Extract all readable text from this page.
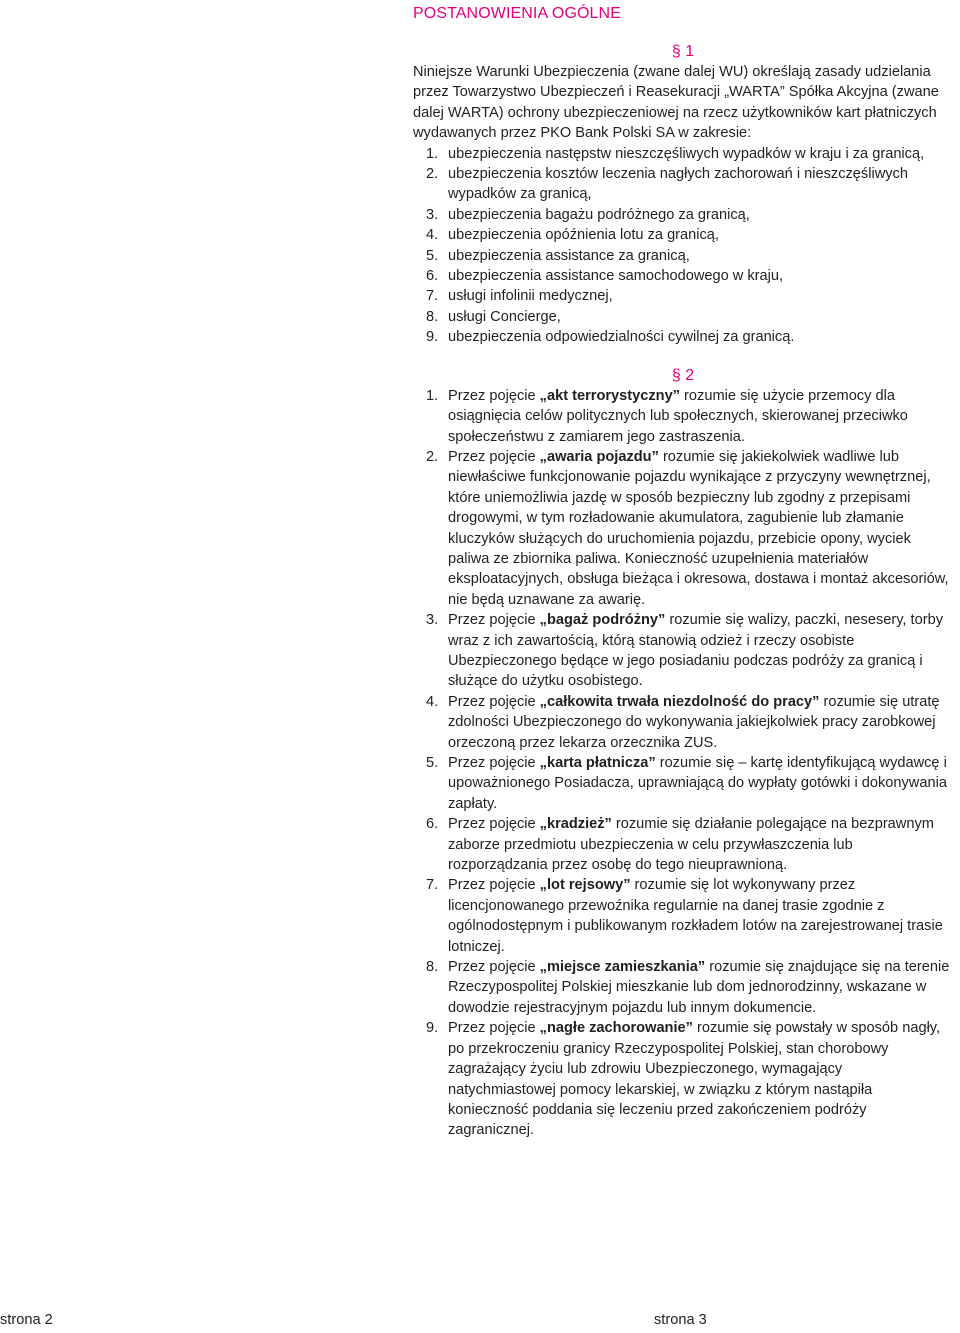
POSTANOWIENIA OGÓLNE

§ 1

Niniejsze Warunki Ubezpieczenia (zwane dalej WU) określają zasady udzielania przez Towarzystwo Ubezpieczeń i Reasekuracji „WARTA” Spółka Akcyjna (zwane dalej WARTA) ochrony ubezpieczeniowej na rzecz użytkowników kart płatniczych wydawanych przez PKO Bank Polski SA w zakresie:

1. ubezpieczenia następstw nieszczęśliwych wypadków w kraju i za granicą,
2. ubezpieczenia kosztów leczenia nagłych zachorowań i nieszczęśliwych wypadków za granicą,
3. ubezpieczenia bagażu podróżnego za granicą,
4. ubezpieczenia opóźnienia lotu za granicą,
5. ubezpieczenia assistance za granicą,
6. ubezpieczenia assistance samochodowego w kraju,
7. usługi infolinii medycznej,
8. usługi Concierge,
9. ubezpieczenia odpowiedzialności cywilnej za granicą.

§ 2

1. Przez pojęcie „akt terrorystyczny” rozumie się użycie przemocy dla osiągnięcia celów politycznych lub społecznych, skierowanej przeciwko społeczeństwu z zamiarem jego zastraszenia.
2. Przez pojęcie „awaria pojazdu” rozumie się jakiekolwiek wadliwe lub niewłaściwe funkcjonowanie pojazdu wynikające z przyczyny wewnętrznej, które uniemożliwia jazdę w sposób bezpieczny lub zgodny z przepisami drogowymi, w tym rozładowanie akumulatora, zagubienie lub złamanie kluczyków służących do uruchomienia pojazdu, przebicie opony, wyciek paliwa ze zbiornika paliwa. Konieczność uzupełnienia materiałów eksploatacyjnych, obsługa bieżąca i okresowa, dostawa i montaż akcesoriów, nie będą uznawane za awarię.
3. Przez pojęcie „bagaż podróżny” rozumie się walizy, paczki, nesesery, torby wraz z ich zawartością, którą stanowią odzież i rzeczy osobiste Ubezpieczonego będące w jego posiadaniu podczas podróży za granicą i służące do użytku osobistego.
4. Przez pojęcie „całkowita trwała niezdolność do pracy” rozumie się utratę zdolności Ubezpieczonego do wykonywania jakiejkolwiek pracy zarobkowej orzeczoną przez lekarza orzecznika ZUS.
5. Przez pojęcie „karta płatnicza” rozumie się – kartę identyfikującą wydawcę i upoważnionego Posiadacza, uprawniającą do wypłaty gotówki i dokonywania zapłaty.
6. Przez pojęcie „kradzież” rozumie się działanie polegające na bezprawnym zaborze przedmiotu ubezpieczenia w celu przywłaszczenia lub rozporządzania przez osobę do tego nieuprawnioną.
7. Przez pojęcie „lot rejsowy” rozumie się lot wykonywany przez licencjonowanego przewoźnika regularnie na danej trasie zgodnie z ogólnodostępnym i publikowanym rozkładem lotów na zarejestrowanej trasie lotniczej.
8. Przez pojęcie „miejsce zamieszkania” rozumie się znajdujące się na terenie Rzeczypospolitej Polskiej mieszkanie lub dom jednorodzinny, wskazane w dowodzie rejestracyjnym pojazdu lub innym dokumencie.
9. Przez pojęcie „nagłe zachorowanie” rozumie się powstały w sposób nagły, po przekroczeniu granicy Rzeczypospolitej Polskiej, stan chorobowy zagrażający życiu lub zdrowiu Ubezpieczonego, wymagający natychmiastowej pomocy lekarskiej, w związku z którym nastąpiła konieczność poddania się leczeniu przed zakończeniem podróży zagranicznej.
strona 2	strona 3
